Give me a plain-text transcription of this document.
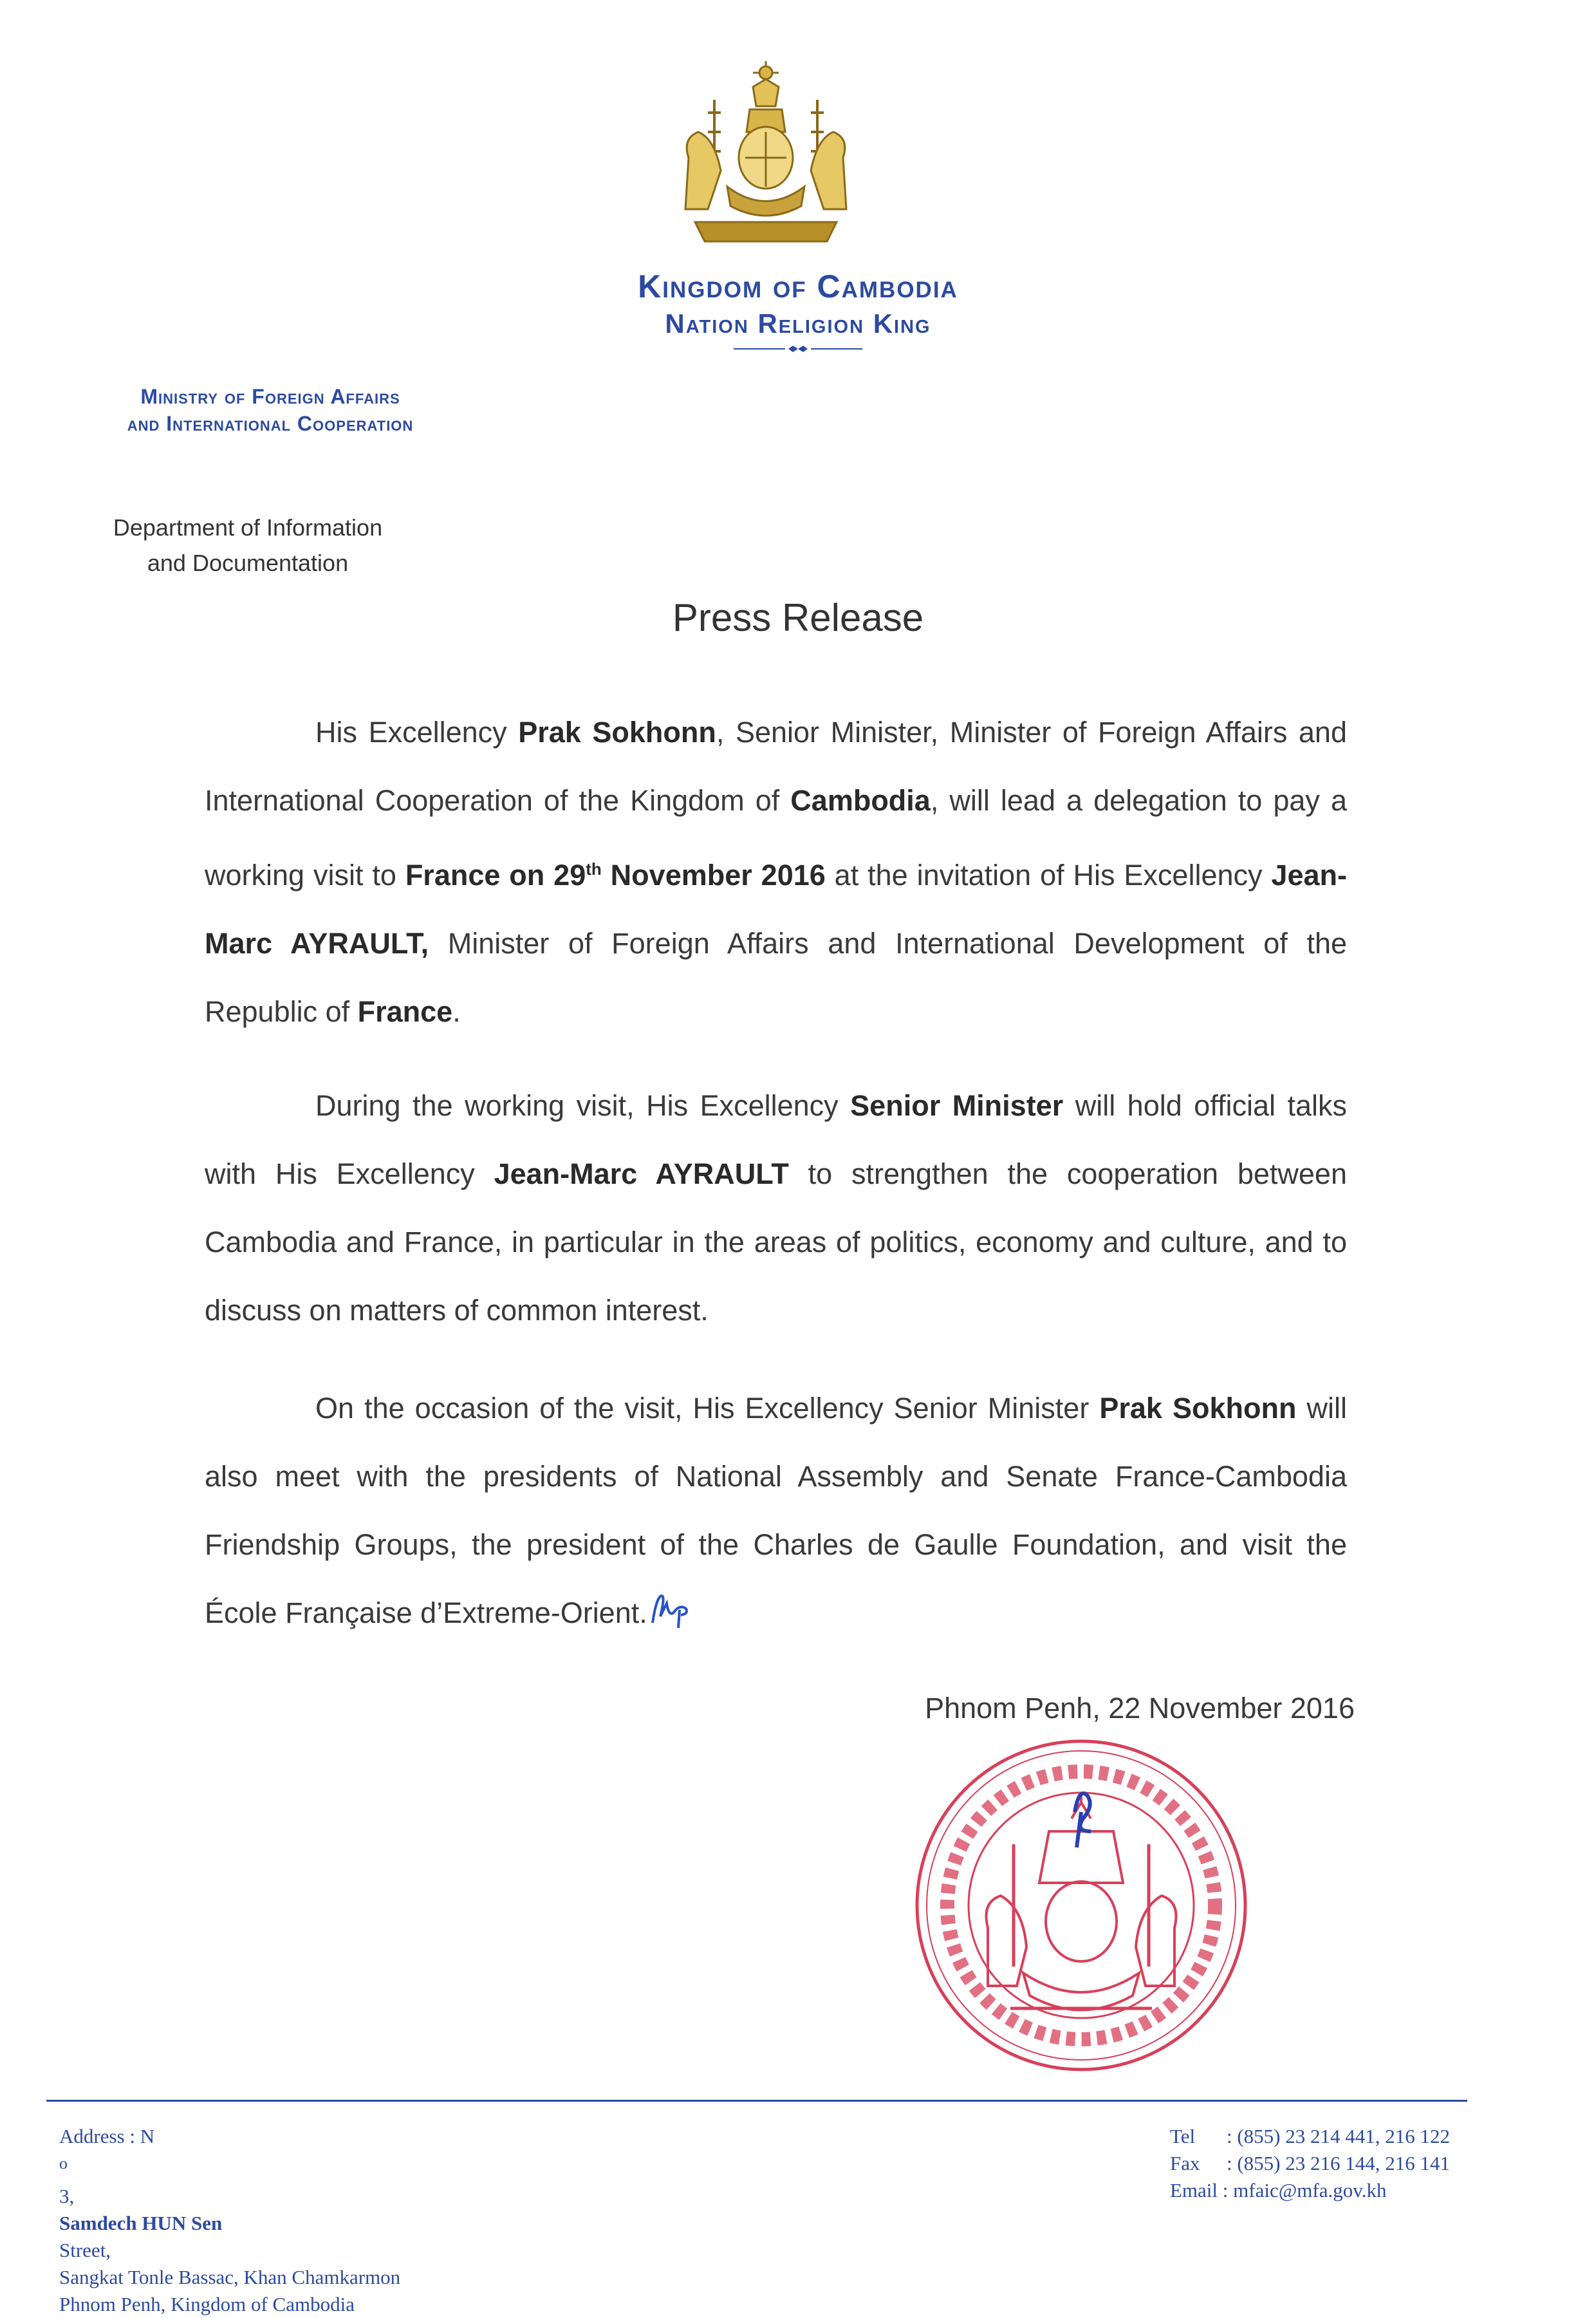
Kingdom of Cambodia
Nation Religion King
Ministry of Foreign Affairs
and International Cooperation
Department of Information
and Documentation
Press Release

His Excellency Prak Sokhonn, Senior Minister, Minister of Foreign Affairs and International Cooperation of the Kingdom of Cambodia, will lead a delegation to pay a working visit to France on 29th November 2016 at the invitation of His Excellency Jean-Marc AYRAULT, Minister of Foreign Affairs and International Development of the Republic of France.

During the working visit, His Excellency Senior Minister will hold official talks with His Excellency Jean-Marc AYRAULT to strengthen the cooperation between Cambodia and France, in particular in the areas of politics, economy and culture, and to discuss on matters of common interest.

On the occasion of the visit, His Excellency Senior Minister Prak Sokhonn will also meet with the presidents of National Assembly and Senate France-Cambodia Friendship Groups, the president of the Charles de Gaulle Foundation, and visit the École Française d’Extreme-Orient.

Phnom Penh, 22 November 2016
Address : N
$^o$
3,
Samdech HUN Sen
Street,
Sangkat Tonle Bassac, Khan Chamkarmon
Phnom Penh, Kingdom of Cambodia
Tel : (855) 23 214 441, 216 122
Fax : (855) 23 216 144, 216 141
Email : mfaic@mfa.gov.kh
